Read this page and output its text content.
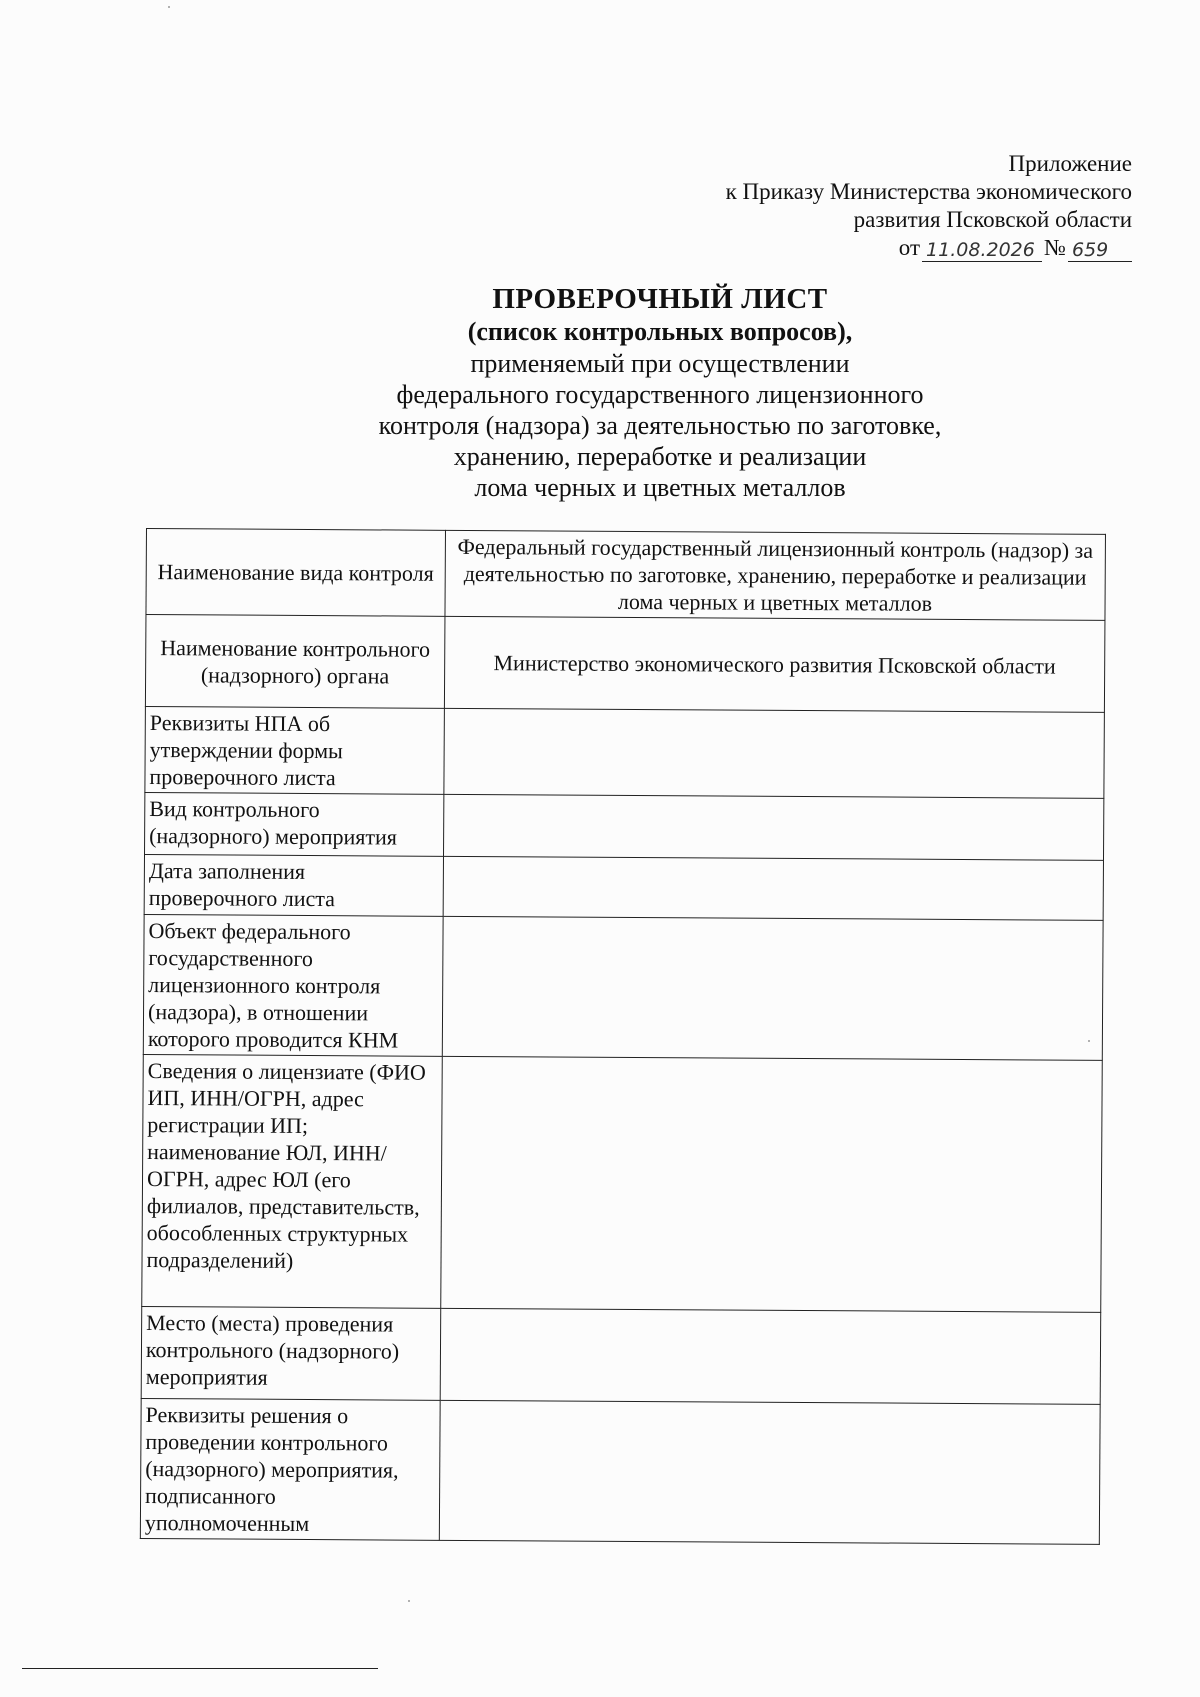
Приложение
к Приказу Министерства экономического
развития Псковской области
от 11.08.2026 № 659
ПРОВЕРОЧНЫЙ ЛИСТ
(список контрольных вопросов),
применяемый при осуществлении
федерального государственного лицензионного
контроля (надзора) за деятельностью по заготовке,
хранению, переработке и реализации
лома черных и цветных металлов
Наименование вида контроля	Федеральный государственный лицензионный контроль (надзор) за деятельностью по заготовке, хранению, переработке и реализации лома черных и цветных металлов
Наименование контрольного (надзорного) органа	Министерство экономического развития Псковской области
Реквизиты НПА об утверждении формы проверочного листа	
Вид контрольного (надзорного) мероприятия	
Дата заполнения проверочного листа	
Объект федерального государственного лицензионного контроля (надзора), в отношении которого проводится КНМ	
Сведения о лицензиате (ФИО ИП, ИНН/ОГРН, адрес регистрации ИП; наименование ЮЛ, ИНН/ОГРН, адрес ЮЛ (его филиалов, представительств, обособленных структурных подразделений)	
Место (места) проведения контрольного (надзорного) мероприятия	
Реквизиты решения о проведении контрольного (надзорного) мероприятия, подписанного уполномоченным	
